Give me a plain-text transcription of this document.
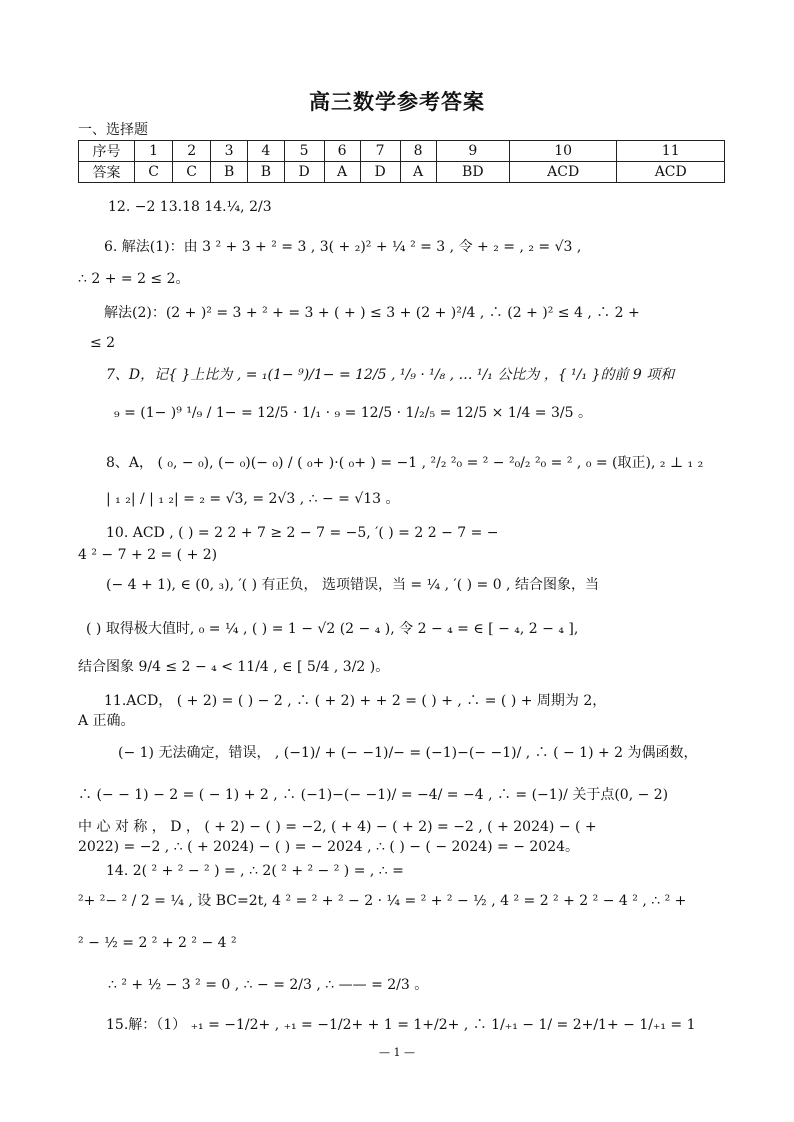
高三数学参考答案
一、选择题
序号	1	2	3	4	5	6	7	8	9	10	11
答案	C	C	B	B	D	A	D	A	BD	ACD	ACD
12. −2 13.18 14.¼, 2/3
6. 解法(1)：由 3 ² + 3 + ² = 3 , 3( + ₂)² + ¼ ² = 3 , 令 + ₂ = , ₂ = √3 ,
∴ 2 + = 2 ≤ 2。
解法(2)：(2 + )² = 3 + ² + = 3 + ( + ) ≤ 3 + (2 + )²/4 , ∴ (2 + )² ≤ 4 , ∴ 2 +
≤ 2
7、D，记{ }上比为 , = ₁(1− ⁹)/1− = 12/5 , ¹/₉ · ¹/₈ , … ¹/₁ 公比为 ，{ ¹/₁ }的前 9 项和
₉ = (1− )⁹ ¹/₉ / 1− = 12/5 · 1/₁ · ₉ = 12/5 · 1/₂/₅ = 12/5 × 1/4 = 3/5 。
8、A， ( ₀, − ₀), (− ₀)(− ₀) / ( ₀+ )·( ₀+ ) = −1 , ²/₂ ²₀ = ² − ²₀/₂ ²₀ = ² , ₀ = (取正), ₂ ⊥ ₁ ₂
| ₁ ₂| / | ₁ ₂| = ₂ = √3, = 2√3 , ∴ − = √13 。
10. ACD , ( ) = 2 2 + 7 ≥ 2 − 7 = −5, ′( ) = 2 2 − 7 = −
4 ² − 7 + 2 = ( + 2)
(− 4 + 1), ∈ (0, ₃), ′( ) 有正负， 选项错误，当 = ¼ , ′( ) = 0 , 结合图象，当
( ) 取得极大值时, ₀ = ¼ , ( ) = 1 − √2 (2 − ₄ ), 令 2 − ₄ = ∈ [ − ₄, 2 − ₄ ],
结合图象 9/4 ≤ 2 − ₄ < 11/4 , ∈ [ 5/4 , 3/2 )。
11.ACD， ( + 2) = ( ) − 2 , ∴ ( + 2) + + 2 = ( ) + , ∴ = ( ) + 周期为 2，
A 正确。
(− 1) 无法确定，错误， , (−1)/ + (− −1)/− = (−1)−(− −1)/ , ∴ ( − 1) + 2 为偶函数，
∴ (− − 1) − 2 = ( − 1) + 2 , ∴ (−1)−(− −1)/ = −4/ = −4 , ∴ = (−1)/ 关于点(0, − 2)
中 心 对 称 ， D ， ( + 2) − ( ) = −2, ( + 4) − ( + 2) = −2 , ( + 2024) − ( +
2022) = −2 , ∴ ( + 2024) − ( ) = − 2024 , ∴ ( ) − ( − 2024) = − 2024。
14. 2( ² + ² − ² ) = , ∴ 2( ² + ² − ² ) = , ∴ =
²+ ²− ² / 2 = ¼ , 设 BC=2t, 4 ² = ² + ² − 2 · ¼ = ² + ² − ½ , 4 ² = 2 ² + 2 ² − 4 ² , ∴ ² +
² − ½ = 2 ² + 2 ² − 4 ²
∴ ² + ½ − 3 ² = 0 , ∴ − = 2/3 , ∴ —— = 2/3 。
15.解：（1） ₊₁ = −1/2+ , ₊₁ = −1/2+ + 1 = 1+/2+ , ∴ 1/₊₁ − 1/ = 2+/1+ − 1/₊₁ = 1
— 1 —
